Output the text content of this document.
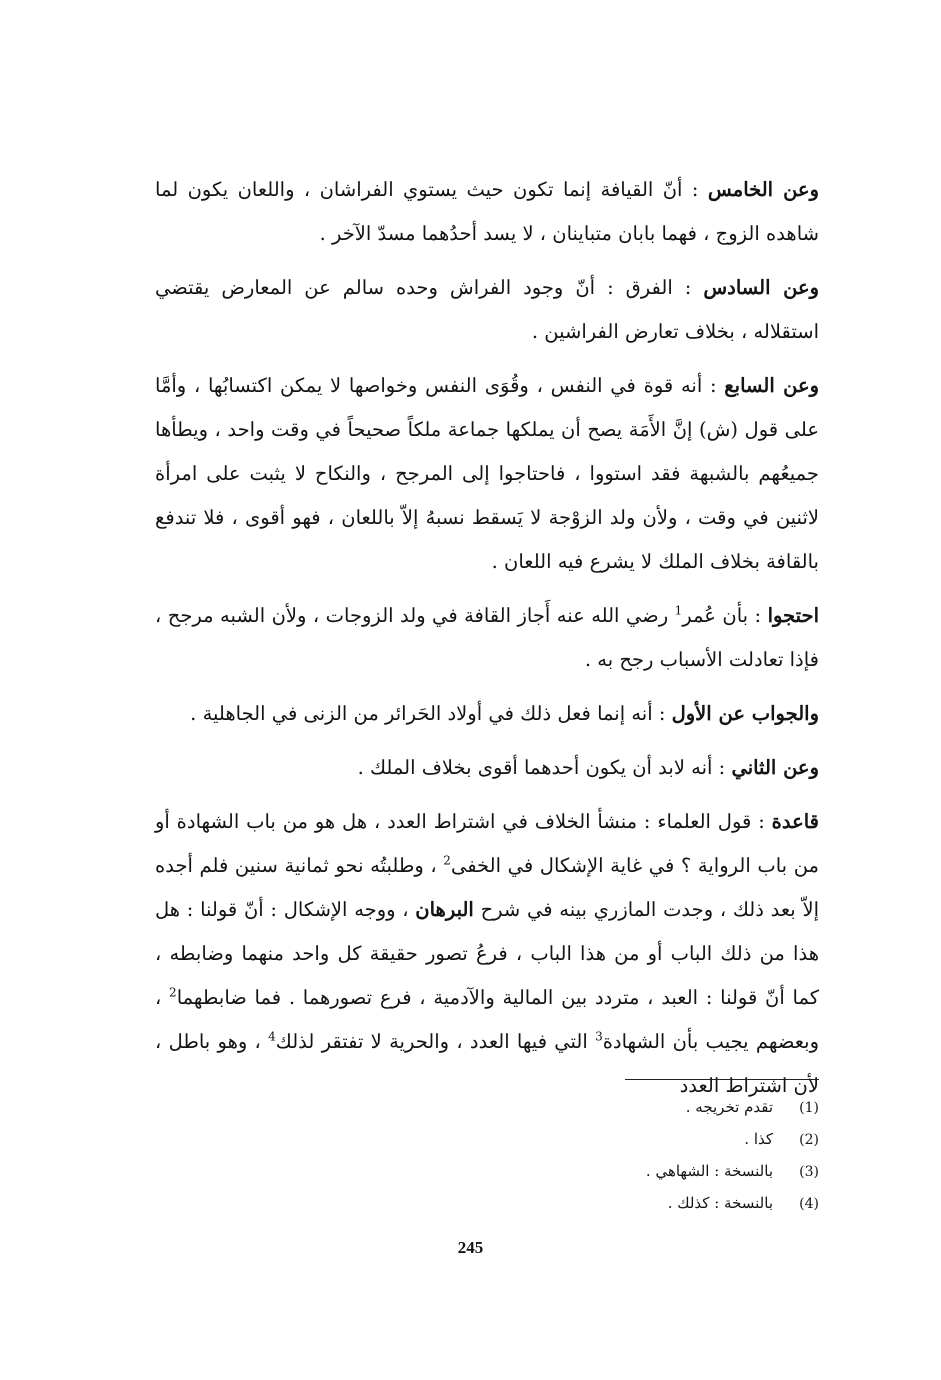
وعن الخامس : أنّ القيافة إنما تكون حيث يستوي الفراشان ، واللعان يكون لما شاهده الزوج ، فهما بابان متباينان ، لا يسد أحدُهما مسدّ الآخر .

وعن السادس : الفرق : أنّ وجود الفراش وحده سالم عن المعارض يقتضي استقلاله ، بخلاف تعارض الفراشين .

وعن السابع : أنه قوة في النفس ، وقُوَى النفس وخواصها لا يمكن اكتسابُها ، وأمَّا على قول (ش) إنَّ الأَمَة يصح أن يملكها جماعة ملكاً صحيحاً في وقت واحد ، ويطأها جميعُهم بالشبهة فقد استووا ، فاحتاجوا إلى المرجح ، والنكاح لا يثبت على امرأة لاثنين في وقت ، ولأن ولد الزوْجة لا يَسقط نسبهُ إلاّ باللعان ، فهو أقوى ، فلا تندفع بالقافة بخلاف الملك لا يشرع فيه اللعان .

احتجوا : بأن عُمر$^1$ رضي الله عنه أَجاز القافة في ولد الزوجات ، ولأن الشبه مرجح ، فإذا تعادلت الأسباب رجح به .

والجواب عن الأول : أنه إنما فعل ذلك في أولاد الحَرائر من الزنى في الجاهلية .

وعن الثاني : أنه لابد أن يكون أحدهما أقوى بخلاف الملك .

قاعدة : قول العلماء : منشأ الخلاف في اشتراط العدد ، هل هو من باب الشهادة أو من باب الرواية ؟ في غاية الإشكال في الخفى$^2$ ، وطلبتُه نحو ثمانية سنين فلم أجده إلاّ بعد ذلك ، وجدت المازري بينه في شرح البرهان ، ووجه الإشكال : أنّ قولنا : هل هذا من ذلك الباب أو من هذا الباب ، فرعُ تصور حقيقة كل واحد منهما وضابطه ، كما أنّ قولنا : العبد ، متردد بين المالية والآدمية ، فرع تصورهما . فما ضابطهما$^2$ ، وبعضهم يجيب بأن الشهادة$^3$ التي فيها العدد ، والحرية لا تفتقر لذلك$^4$ ، وهو باطل ، لأن اشتراط العدد

(1)
تقدم تخريجه .
(2)
كذا .
(3)
بالنسخة : الشهاهي .
(4)
بالنسخة : كذلك .
245
